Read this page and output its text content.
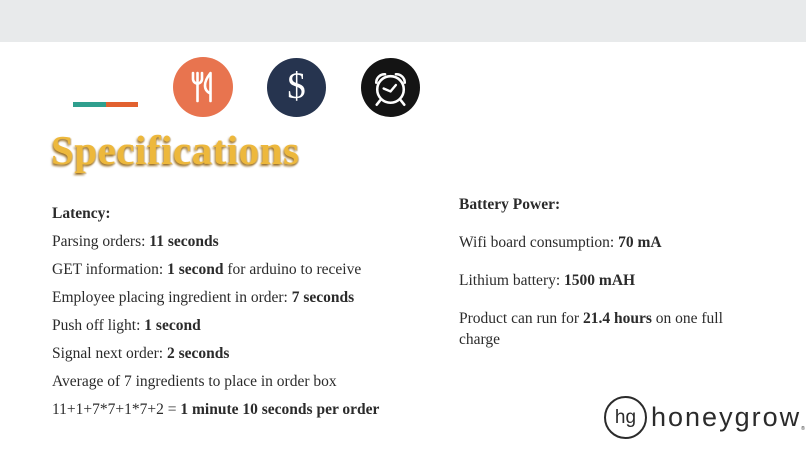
$
Specifications
Latency:
Parsing orders: 11 seconds
GET information: 1 second for arduino to receive
Employee placing ingredient in order: 7 seconds
Push off light: 1 second
Signal next order: 2 seconds
Average of 7 ingredients to place in order box
11+1+7*7+1*7+2 = 1 minute 10 seconds per order
Battery Power:
Wifi board consumption: 70 mA
Lithium battery: 1500 mAH
Product can run for 21.4 hours on one full charge
hg honeygrow ®
